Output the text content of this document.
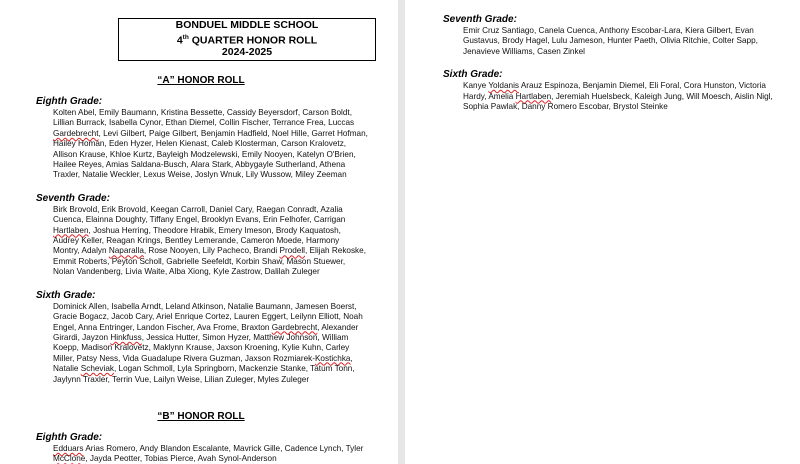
BONDUEL MIDDLE SCHOOL
4th QUARTER HONOR ROLL
2024-2025
“A” HONOR ROLL
Eighth Grade:
Kolten Abel, Emily Baumann, Kristina Bessette, Cassidy Beyersdorf, Carson Boldt, Lillian Burrack, Isabella Cynor, Ethan Diemel, Collin Fischer, Terrance Frea, Luccas Gardebrecht, Levi Gilbert, Paige Gilbert, Benjamin Hadfield, Noel Hille, Garret Hofman, Hailey Homan, Eden Hyzer, Helen Kienast, Caleb Klosterman, Carson Kralovetz, Allison Krause, Khloe Kurtz, Bayleigh Modzelewski, Emily Nooyen, Katelyn O'Brien, Hailee Reyes, Amias Saldana-Busch, Alara Stark, Abbygayle Sutherland, Athena Traxler, Natalie Weckler, Lexus Weise, Joslyn Wnuk, Lily Wussow, Miley Zeeman
Seventh Grade:
Birk Brovold, Erik Brovold, Keegan Carroll, Daniel Cary, Raegan Conradt, Azalia Cuenca, Elainna Doughty, Tiffany Engel, Brooklyn Evans, Erin Felhofer, Carrigan Hartlaben, Joshua Herring, Theodore Hrabik, Emery Imeson, Brody Kaquatosh, Audrey Keller, Reagan Krings, Bentley Lemerande, Cameron Moede, Harmony Montry, Adalyn Naparalla, Rose Nooyen, Lily Pacheco, Brandi Prodell, Elijah Rekoske, Emmit Roberts, Peyton Scholl, Gabrielle Seefeldt, Korbin Shaw, Mason Stuewer, Nolan Vandenberg, Livia Waite, Alba Xiong, Kyle Zastrow, Dalilah Zuleger
Sixth Grade:
Dominick Allen, Isabella Arndt, Leland Atkinson, Natalie Baumann, Jamesen Boerst, Gracie Bogacz, Jacob Cary, Ariel Enrique Cortez, Lauren Eggert, Leilynn Elliott, Noah Engel, Anna Entringer, Landon Fischer, Ava Frome, Braxton Gardebrecht, Alexander Girardi, Jayzon Hinkfuss, Jessica Hutter, Simon Hyzer, Matthew Johnson, William Koepp, Madison Kralovetz, Maklynn Krause, Jaxson Kroening, Kylie Kuhn, Carley Miller, Patsy Ness, Vida Guadalupe Rivera Guzman, Jaxson Rozmiarek-Kostichka, Natalie Scheviak, Logan Schmoll, Lyla Springborn, Mackenzie Stanke, Tatum Tonn, Jaylynn Traxler, Terrin Vue, Lailyn Weise, Lilian Zuleger, Myles Zuleger
“B” HONOR ROLL
Eighth Grade:
Edduars Arias Romero, Andy Blandon Escalante, Mavrick Gille, Cadence Lynch, Tyler McClone, Jayda Peotter, Tobias Pierce, Avah Synol-Anderson
Seventh Grade:
Emir Cruz Santiago, Canela Cuenca, Anthony Escobar-Lara, Kiera Gilbert, Evan Gustavus, Brody Hagel, Lulu Jameson, Hunter Paeth, Olivia Ritchie, Colter Sapp, Jenavieve Williams, Casen Zinkel
Sixth Grade:
Kanye Yoldanis Arauz Espinoza, Benjamin Diemel, Eli Foral, Cora Hunston, Victoria Hardy, Amelia Hartlaben, Jeremiah Huelsbeck, Kaleigh Jung, Will Moesch, Aislin Nigl, Sophia Pawlak, Danny Romero Escobar, Brystol Steinke
